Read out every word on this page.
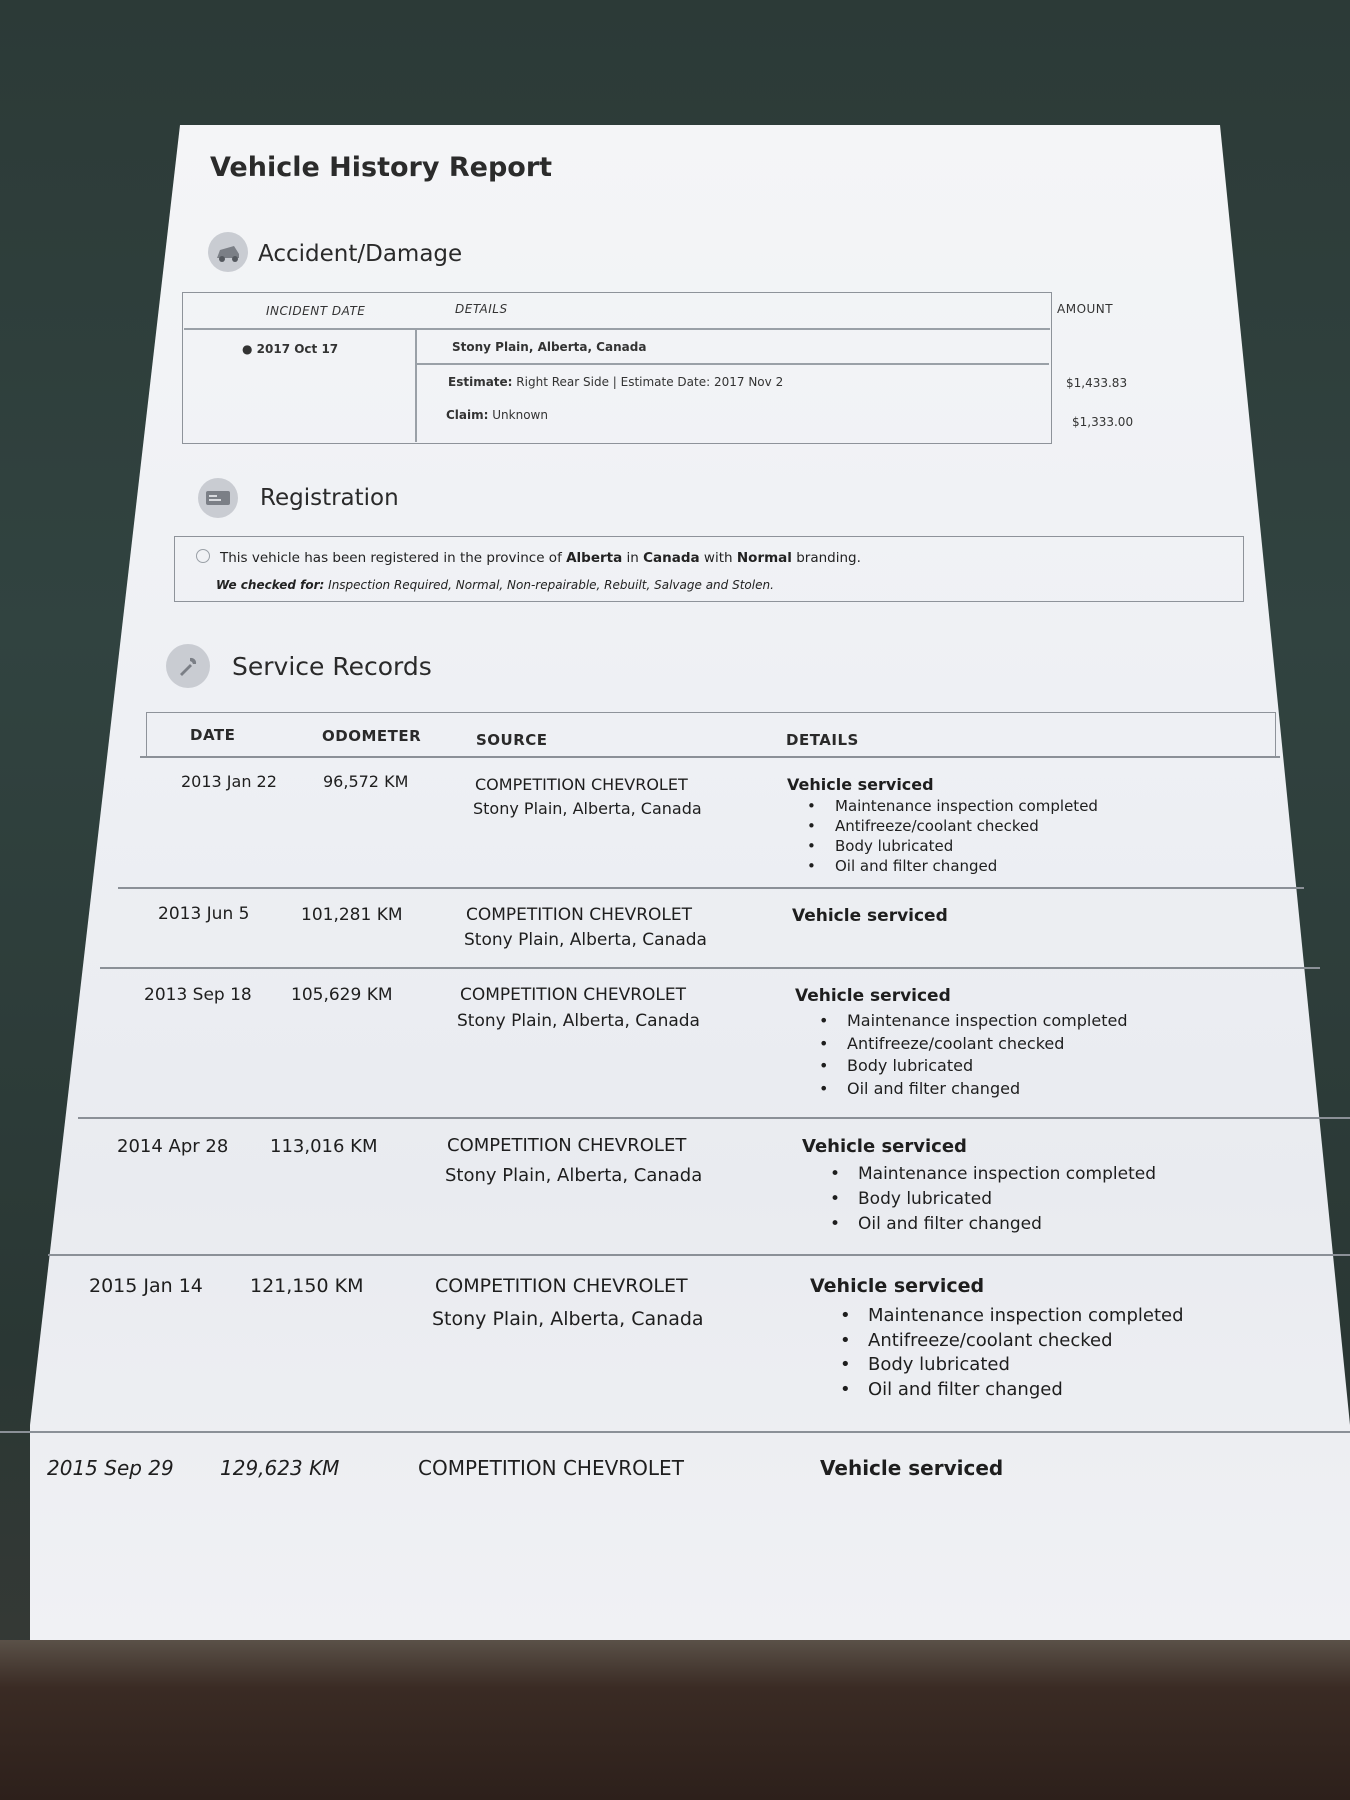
Vehicle History Report
Accident/Damage
INCIDENT DATE	DETAILS	AMOUNT
● 2017 Oct 17	Stony Plain, Alberta, Canada
Estimate: Right Rear Side | Estimate Date: 2017 Nov 2	$1,433.83
Claim: Unknown	$1,333.00
Registration
This vehicle has been registered in the province of Alberta in Canada with Normal branding.
We checked for: Inspection Required, Normal, Non-repairable, Rebuilt, Salvage and Stolen.
Service Records
DATE	ODOMETER	SOURCE	DETAILS
2013 Jan 22	96,572 KM	COMPETITION CHEVROLET
Stony Plain, Alberta, Canada
Vehicle serviced
• Maintenance inspection completed
• Antifreeze/coolant checked
• Body lubricated
• Oil and filter changed
2013 Jun 5	101,281 KM	COMPETITION CHEVROLET
Stony Plain, Alberta, Canada
Vehicle serviced
2013 Sep 18 105,629 KM	COMPETITION CHEVROLET
Stony Plain, Alberta, Canada
Vehicle serviced
• Maintenance inspection completed
• Antifreeze/coolant checked
• Body lubricated
• Oil and filter changed
2014 Apr 28 113,016 KM	COMPETITION CHEVROLET
Stony Plain, Alberta, Canada
Vehicle serviced
• Maintenance inspection completed
• Body lubricated
• Oil and filter changed
2015 Jan 14 121,150 KM	COMPETITION CHEVROLET
Stony Plain, Alberta, Canada
Vehicle serviced
• Maintenance inspection completed
• Antifreeze/coolant checked
• Body lubricated
• Oil and filter changed
2015 Sep 29 129,623 KM	COMPETITION CHEVROLET	Vehicle serviced
